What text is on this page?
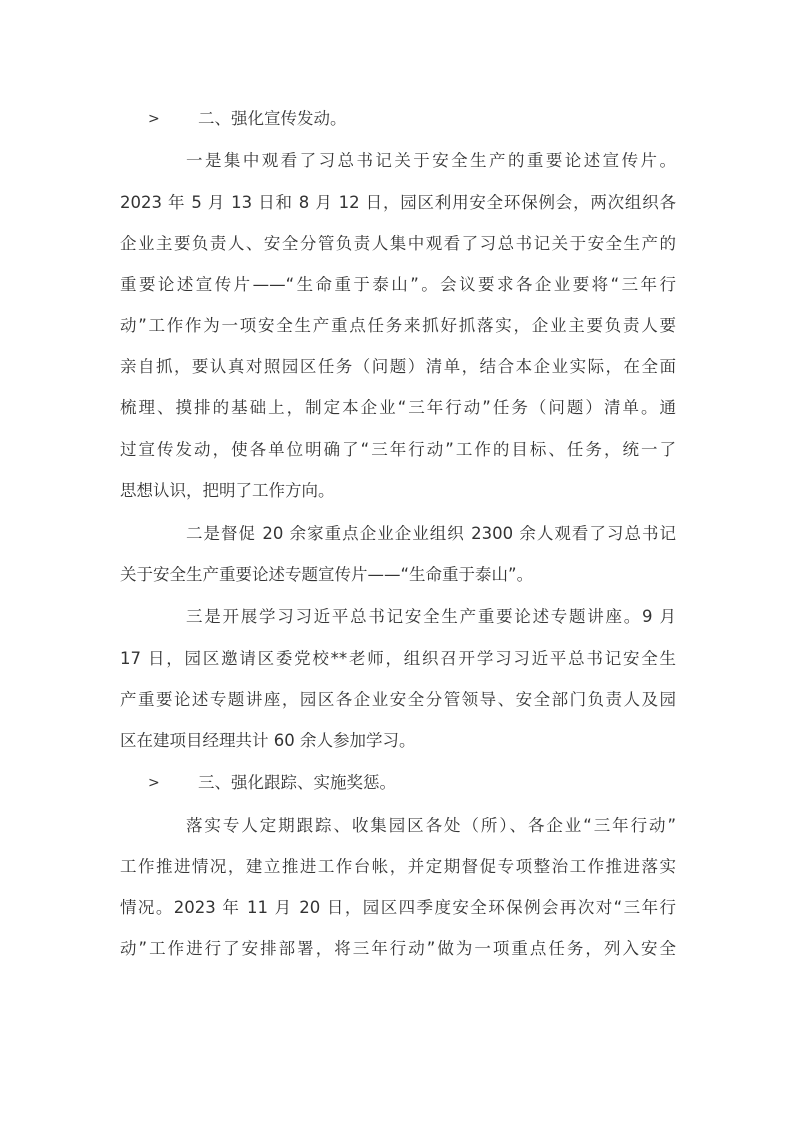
>	二、强化宣传发动。
一是集中观看了习总书记关于安全生产的重要论述宣传片。
2023 年 5 月 13 日和 8 月 12 日，园区利用安全环保例会，两次组织各
企业主要负责人、安全分管负责人集中观看了习总书记关于安全生产的
重要论述宣传片——“生命重于泰山”。会议要求各企业要将“三年行
动”工作作为一项安全生产重点任务来抓好抓落实，企业主要负责人要
亲自抓，要认真对照园区任务（问题）清单，结合本企业实际，在全面
梳理、摸排的基础上，制定本企业“三年行动”任务（问题）清单。通
过宣传发动，使各单位明确了“三年行动”工作的目标、任务，统一了
思想认识，把明了工作方向。
二是督促 20 余家重点企业企业组织 2300 余人观看了习总书记
关于安全生产重要论述专题宣传片——“生命重于泰山”。
三是开展学习习近平总书记安全生产重要论述专题讲座。9 月
17 日，园区邀请区委党校**老师，组织召开学习习近平总书记安全生
产重要论述专题讲座，园区各企业安全分管领导、安全部门负责人及园
区在建项目经理共计 60 余人参加学习。
>	三、强化跟踪、实施奖惩。
落实专人定期跟踪、收集园区各处（所）、各企业“三年行动”
工作推进情况，建立推进工作台帐，并定期督促专项整治工作推进落实
情况。2023 年 11 月 20 日，园区四季度安全环保例会再次对“三年行
动”工作进行了安排部署，将三年行动”做为一项重点任务，列入安全
